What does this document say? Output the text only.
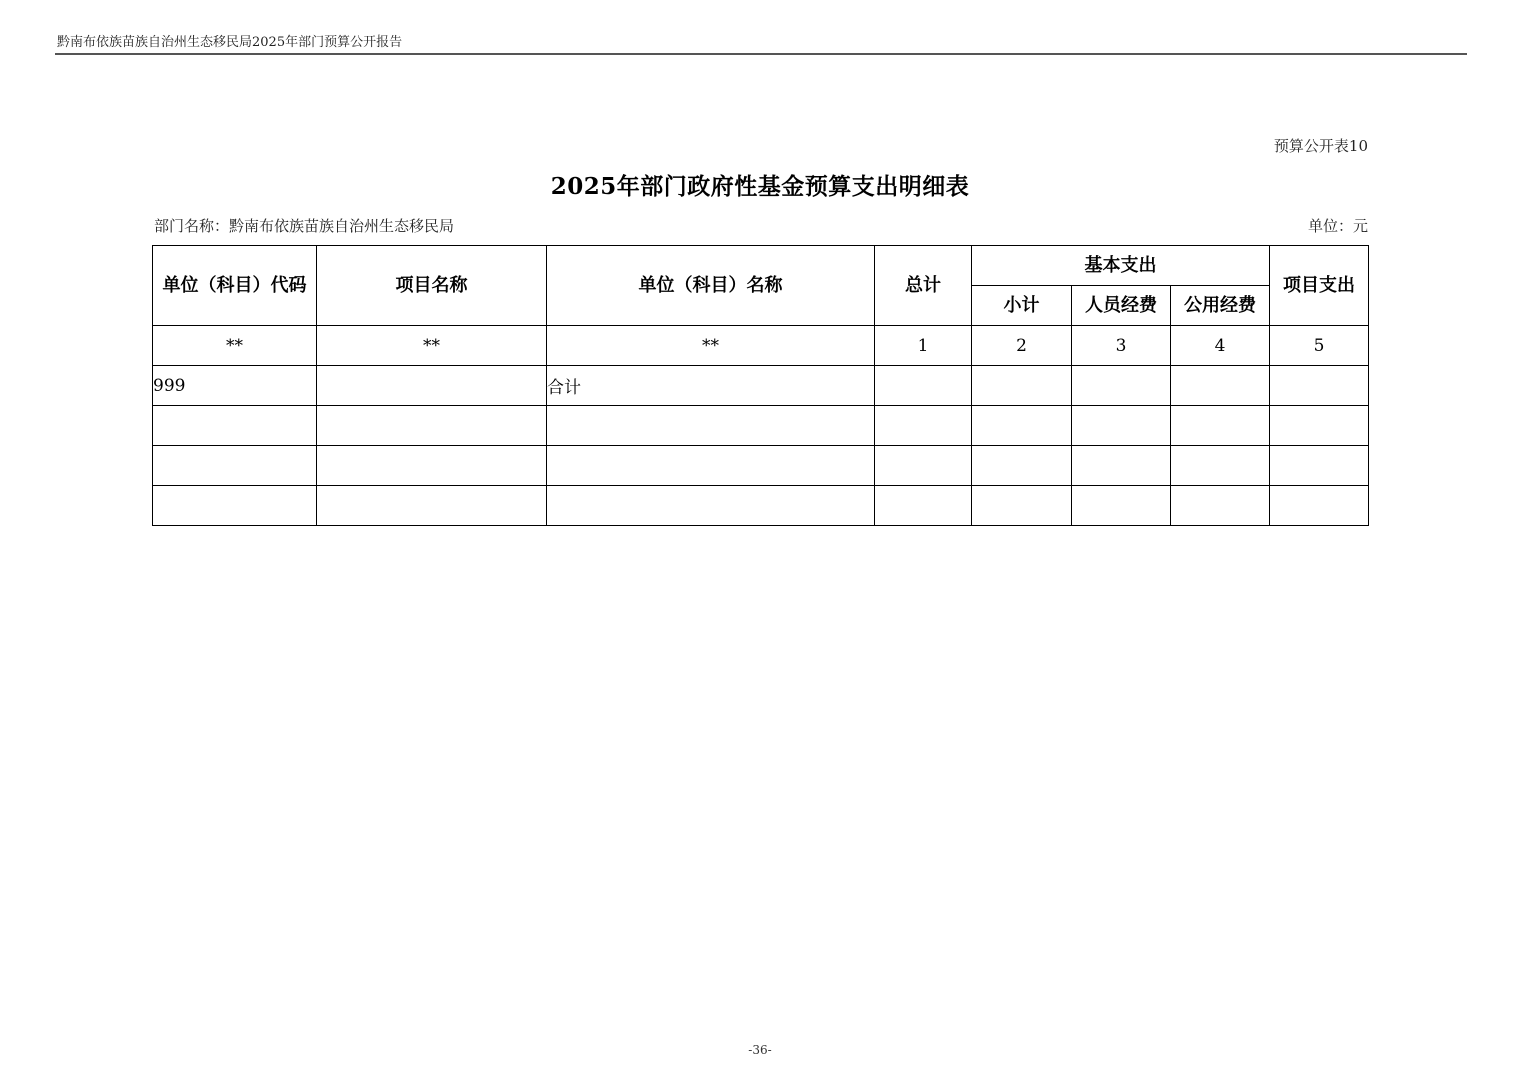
黔南布依族苗族自治州生态移民局2025年部门预算公开报告
预算公开表10
2025年部门政府性基金预算支出明细表
部门名称：黔南布依族苗族自治州生态移民局	单位：元
单位（科目）代码	项目名称	单位（科目）名称	总计	基本支出			项目支出
				小计	人员经费	公用经费	
**	**	**	1	2	3	4	5
999		合计					

-36-
